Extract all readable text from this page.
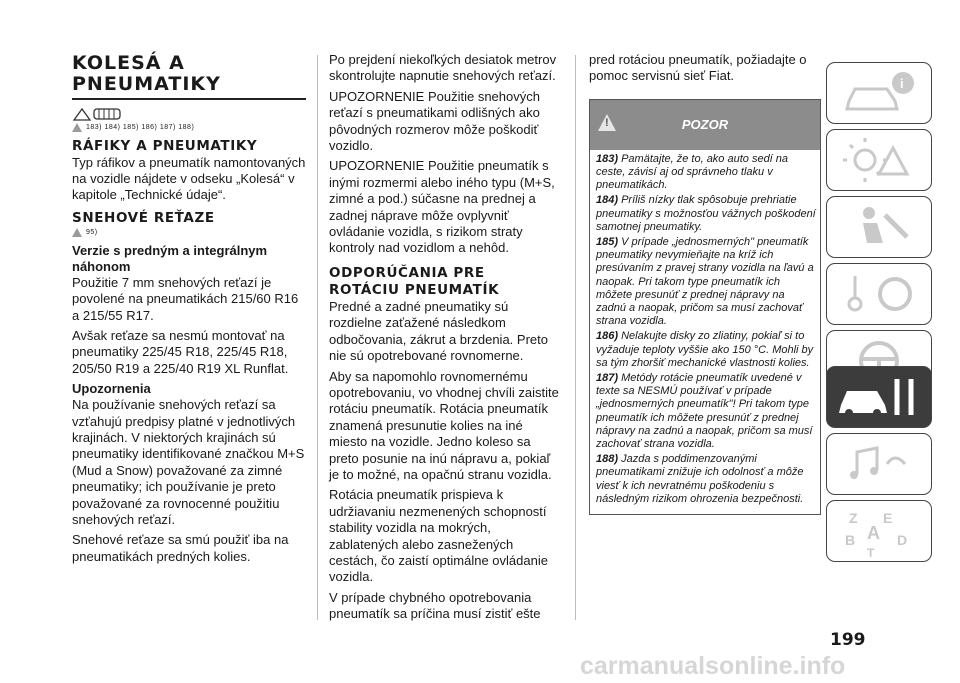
KOLESÁ A
PNEUMATIKY
183) 184) 185) 186) 187) 188)
RÁFIKY A PNEUMATIKY

Typ ráfikov a pneumatík namontovaných na vozidle nájdete v odseku „Kolesá“ v kapitole „Technické údaje“.

SNEHOVÉ REŤAZE
95)
Verzie s predným a integrálnym náhonom

Použitie 7 mm snehových reťazí je povolené na pneumatikách 215/60 R16 a 215/55 R17.

Avšak reťaze sa nesmú montovať na pneumatiky 225/45 R18, 225/45 R18, 205/50 R19 a 225/40 R19 XL Runflat.

Upozornenia

Na používanie snehových reťazí sa vzťahujú predpisy platné v jednotlivých krajinách. V niektorých krajinách sú pneumatiky identifikované značkou M+S (Mud a Snow) považované za zimné pneumatiky; ich používanie je preto považované za rovnocenné použitiu snehových reťazí.

Snehové reťaze sa smú použiť iba na pneumatikách predných kolies.

Po prejdení niekoľkých desiatok metrov skontrolujte napnutie snehových reťazí.

UPOZORNENIE Použitie snehových reťazí s pneumatikami odlišných ako pôvodných rozmerov môže poškodiť vozidlo.

UPOZORNENIE Použitie pneumatík s inými rozmermi alebo iného typu (M+S, zimné a pod.) súčasne na prednej a zadnej náprave môže ovplyvniť ovládanie vozidla, s rizikom straty kontroly nad vozidlom a nehôd.

ODPORÚČANIA PRE ROTÁCIU PNEUMATÍK

Predné a zadné pneumatiky sú rozdielne zaťažené následkom odbočovania, zákrut a brzdenia. Preto nie sú opotrebované rovnomerne.

Aby sa napomohlo rovnomernému opotrebovaniu, vo vhodnej chvíli zaistite rotáciu pneumatík. Rotácia pneumatík znamená presunutie kolies na iné miesto na vozidle. Jedno koleso sa preto posunie na inú nápravu a, pokiaľ je to možné, na opačnú stranu vozidla.

Rotácia pneumatík prispieva k udržiavaniu nezmenených schopností stability vozidla na mokrých, zablatených alebo zasnežených cestách, čo zaistí optimálne ovládanie vozidla.

V prípade chybného opotrebovania pneumatík sa príčina musí zistiť ešte

pred rotáciou pneumatík, požiadajte o pomoc servisnú sieť Fiat.

!	POZOR
183) Pamätajte, že to, ako auto sedí na ceste, závisí aj od správneho tlaku v pneumatikách.
184) Príliš nízky tlak spôsobuje prehriatie pneumatiky s možnosťou vážnych poškodení samotnej pneumatiky.
185) V prípade „jednosmerných" pneumatík pneumatiky nevymieňajte na kríž ich presúvaním z pravej strany vozidla na ľavú a naopak. Pri takom type pneumatík ich môžete presunúť z prednej nápravy na zadnú a naopak, pričom sa musí zachovať strana vozidla.
186) Nelakujte disky zo zliatiny, pokiaľ si to vyžaduje teploty vyššie ako 150 °C. Mohli by sa tým zhoršiť mechanické vlastnosti kolies.
187) Metódy rotácie pneumatík uvedené v texte sa NESMÚ používať v prípade „jednosmerných pneumatík"! Pri takom type pneumatík ich môžete presunúť z prednej nápravy na zadnú a naopak, pričom sa musí zachovať strana vozidla.
188) Jazda s poddimenzovanými pneumatikami znižuje ich odolnosť a môže viesť k ich nevratnému poškodeniu s následným rizikom ohrozenia bezpečnosti.
i
Z E
A
B	D
T
199
carmanualsonline.info
